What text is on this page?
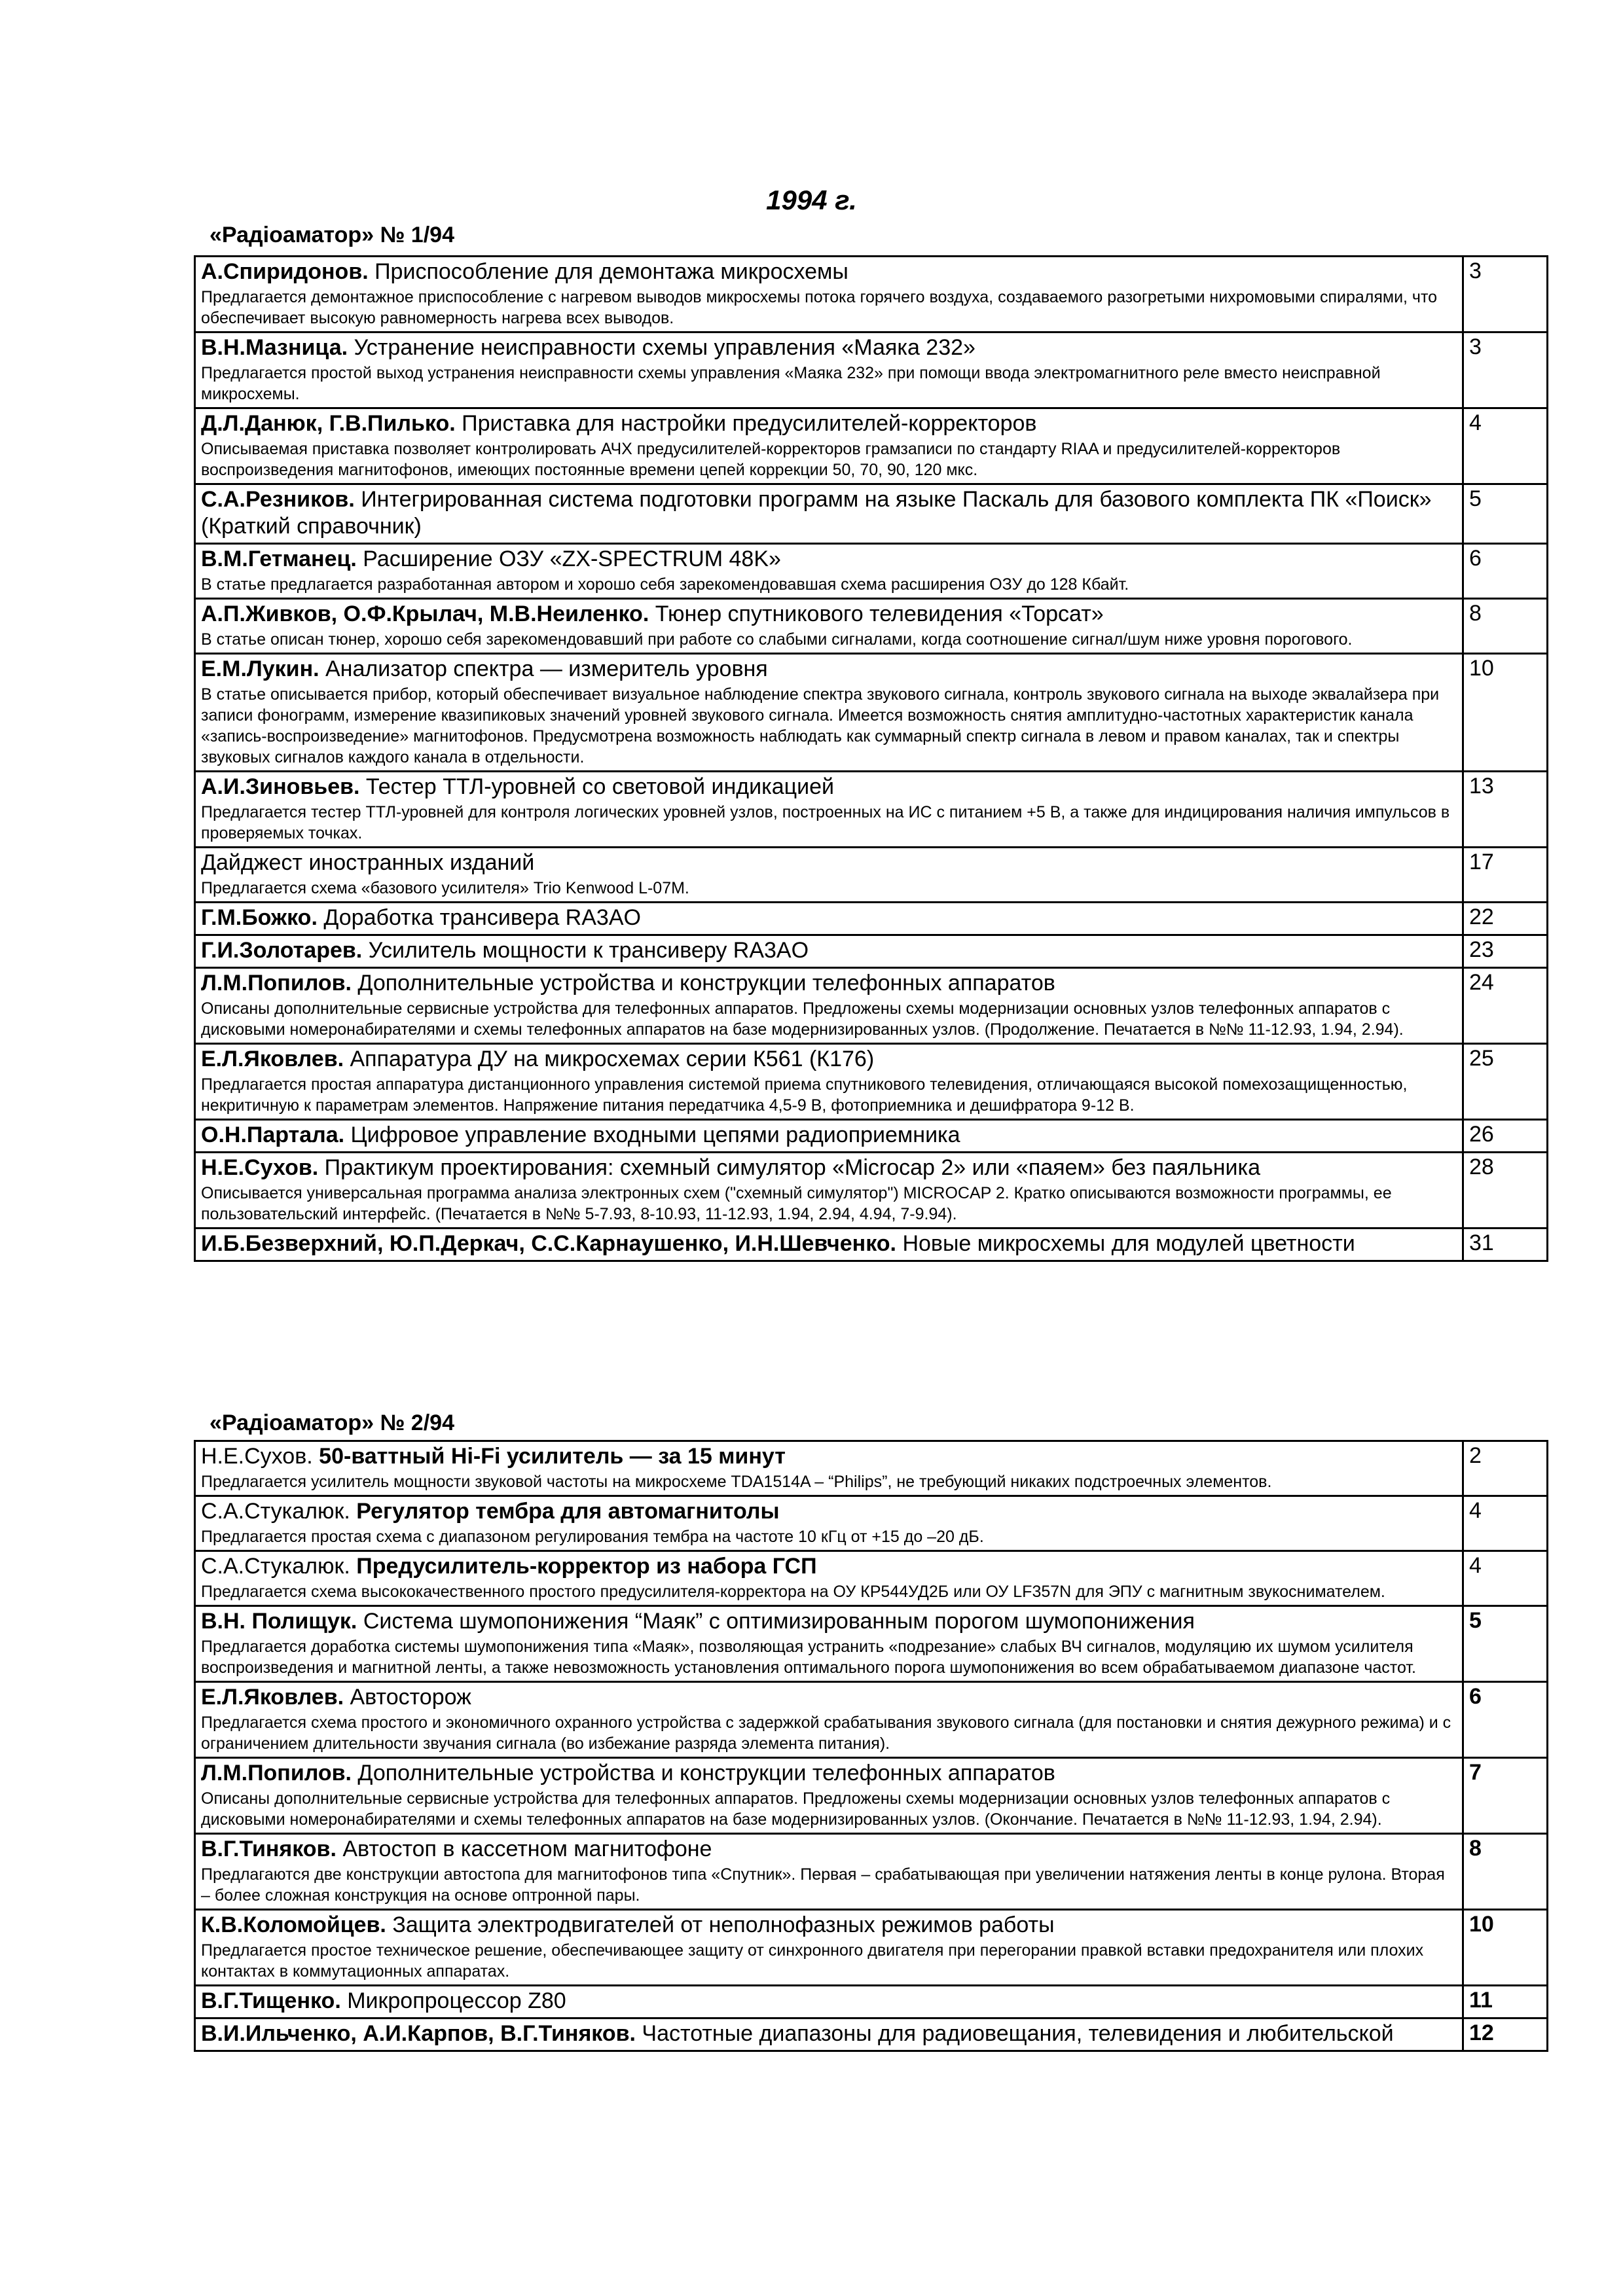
1994 г.
«Радіоаматор» № 1/94
А.Спиридонов. Приспособление для демонтажа микросхемы
Предлагается демонтажное приспособление с нагревом выводов микросхемы потока горячего воздуха, создаваемого разогретыми нихромовыми спиралями, что обеспечивает высокую равномерность нагрева всех выводов.	3

В.Н.Мазница. Устранение неисправности схемы управления «Маяка 232»
Предлагается простой выход устранения неисправности схемы управления «Маяка 232» при помощи ввода электромагнитного реле вместо неисправной микросхемы.	3

Д.Л.Данюк, Г.В.Пилько. Приставка для настройки предусилителей-корректоров
Описываемая приставка позволяет контролировать АЧХ предусилителей-корректоров грамзаписи по стандарту RIAA и предусилителей-корректоров воспроизведения магнитофонов, имеющих постоянные времени цепей коррекции 50, 70, 90, 120 мкс.	4

С.А.Резников. Интегрированная система подготовки программ на языке Паскаль для базового комплекта ПК «Поиск» (Краткий справочник)	5

В.М.Гетманец. Расширение ОЗУ «ZX-SPECTRUM 48K»
В статье предлагается разработанная автором и хорошо себя зарекомендовавшая схема расширения ОЗУ до 128 Кбайт.	6

А.П.Живков, О.Ф.Крылач, М.В.Неиленко. Тюнер спутникового телевидения «Торсат»
В статье описан тюнер, хорошо себя зарекомендовавший при работе со слабыми сигналами, когда соотношение сигнал/шум ниже уровня порогового.	8

Е.М.Лукин. Анализатор спектра — измеритель уровня
В статье описывается прибор, который обеспечивает визуальное наблюдение спектра звукового сигнала, контроль звукового сигнала на выходе эквалайзера при записи фонограмм, измерение квазипиковых значений уровней звукового сигнала. Имеется возможность снятия амплитудно-частотных характеристик канала «запись-воспроизведение» магнитофонов. Предусмотрена возможность наблюдать как суммарный спектр сигнала в левом и правом каналах, так и спектры звуковых сигналов каждого канала в отдельности.	10

А.И.Зиновьев. Тестер ТТЛ-уровней со световой индикацией
Предлагается тестер ТТЛ-уровней для контроля логических уровней узлов, построенных на ИС с питанием +5 В, а также для индицирования наличия импульсов в проверяемых точках.	13

Дайджест иностранных изданий
Предлагается схема «базового усилителя» Trio Kenwood L-07M.	17

Г.М.Божко. Доработка трансивера RA3AO	22

Г.И.Золотарев. Усилитель мощности к трансиверу RA3AO	23

Л.М.Попилов. Дополнительные устройства и конструкции телефонных аппаратов
Описаны дополнительные сервисные устройства для телефонных аппаратов. Предложены схемы модернизации основных узлов телефонных аппаратов с дисковыми номеронабирателями и схемы телефонных аппаратов на базе модернизированных узлов. (Продолжение. Печатается в №№ 11-12.93, 1.94, 2.94).	24

Е.Л.Яковлев. Аппаратура ДУ на микросхемах серии К561 (К176)
Предлагается простая аппаратура дистанционного управления системой приема спутникового телевидения, отличающаяся высокой помехозащищенностью, некритичную к параметрам элементов. Напряжение питания передатчика 4,5-9 В, фотоприемника и дешифратора 9-12 В.	25

О.Н.Партала. Цифровое управление входными цепями радиоприемника	26

Н.Е.Сухов. Практикум проектирования: схемный симулятор «Microcap 2» или «паяем» без паяльника
Описывается универсальная программа анализа электронных схем ("схемный симулятор") MICROCAP 2. Кратко описываются возможности программы, ее пользовательский интерфейс. (Печатается в №№ 5-7.93, 8-10.93, 11-12.93, 1.94, 2.94, 4.94, 7-9.94).	28

И.Б.Безверхний, Ю.П.Деркач, С.С.Карнаушенко, И.Н.Шевченко. Новые микросхемы для модулей цветности	31
«Радіоаматор» № 2/94
Н.Е.Сухов. 50-ваттный Hi-Fi усилитель — за 15 минут
Предлагается усилитель мощности звуковой частоты на микросхеме TDA1514A – “Philips”, не требующий никаких подстроечных элементов.	2

С.А.Стукалюк. Регулятор тембра для автомагнитолы
Предлагается простая схема с диапазоном регулирования тембра на частоте 10 кГц от +15 до –20 дБ.	4

С.А.Стукалюк. Предусилитель-корректор из набора ГСП
Предлагается схема высококачественного простого предусилителя-корректора на ОУ КР544УД2Б или ОУ LF357N для ЭПУ с магнитным звукоснимателем.	4

В.Н. Полищук. Система шумопонижения “Маяк” с оптимизированным порогом шумопонижения
Предлагается доработка системы шумопонижения типа «Маяк», позволяющая устранить «подрезание» слабых ВЧ сигналов, модуляцию их шумом усилителя воспроизведения и магнитной ленты, а также невозможность установления оптимального порога шумопонижения во всем обрабатываемом диапазоне частот.	5

Е.Л.Яковлев. Автосторож
Предлагается схема простого и экономичного охранного устройства с задержкой срабатывания звукового сигнала (для постановки и снятия дежурного режима) и с ограничением длительности звучания сигнала (во избежание разряда элемента питания).	6

Л.М.Попилов. Дополнительные устройства и конструкции телефонных аппаратов
Описаны дополнительные сервисные устройства для телефонных аппаратов. Предложены схемы модернизации основных узлов телефонных аппаратов с дисковыми номеронабирателями и схемы телефонных аппаратов на базе модернизированных узлов. (Окончание. Печатается в №№ 11-12.93, 1.94, 2.94).	7

В.Г.Тиняков. Автостоп в кассетном магнитофоне
Предлагаются две конструкции автостопа для магнитофонов типа «Спутник». Первая – срабатывающая при увеличении натяжения ленты в конце рулона. Вторая – более сложная конструкция на основе оптронной пары.	8

К.В.Коломойцев. Защита электродвигателей от неполнофазных режимов работы
Предлагается простое техническое решение, обеспечивающее защиту от синхронного двигателя при перегорании правкой вставки предохранителя или плохих контактах в коммутационных аппаратах.	10

В.Г.Тищенко. Микропроцессор Z80	11

В.И.Ильченко, А.И.Карпов, В.Г.Тиняков. Частотные диапазоны для радиовещания, телевидения и любительской	12
